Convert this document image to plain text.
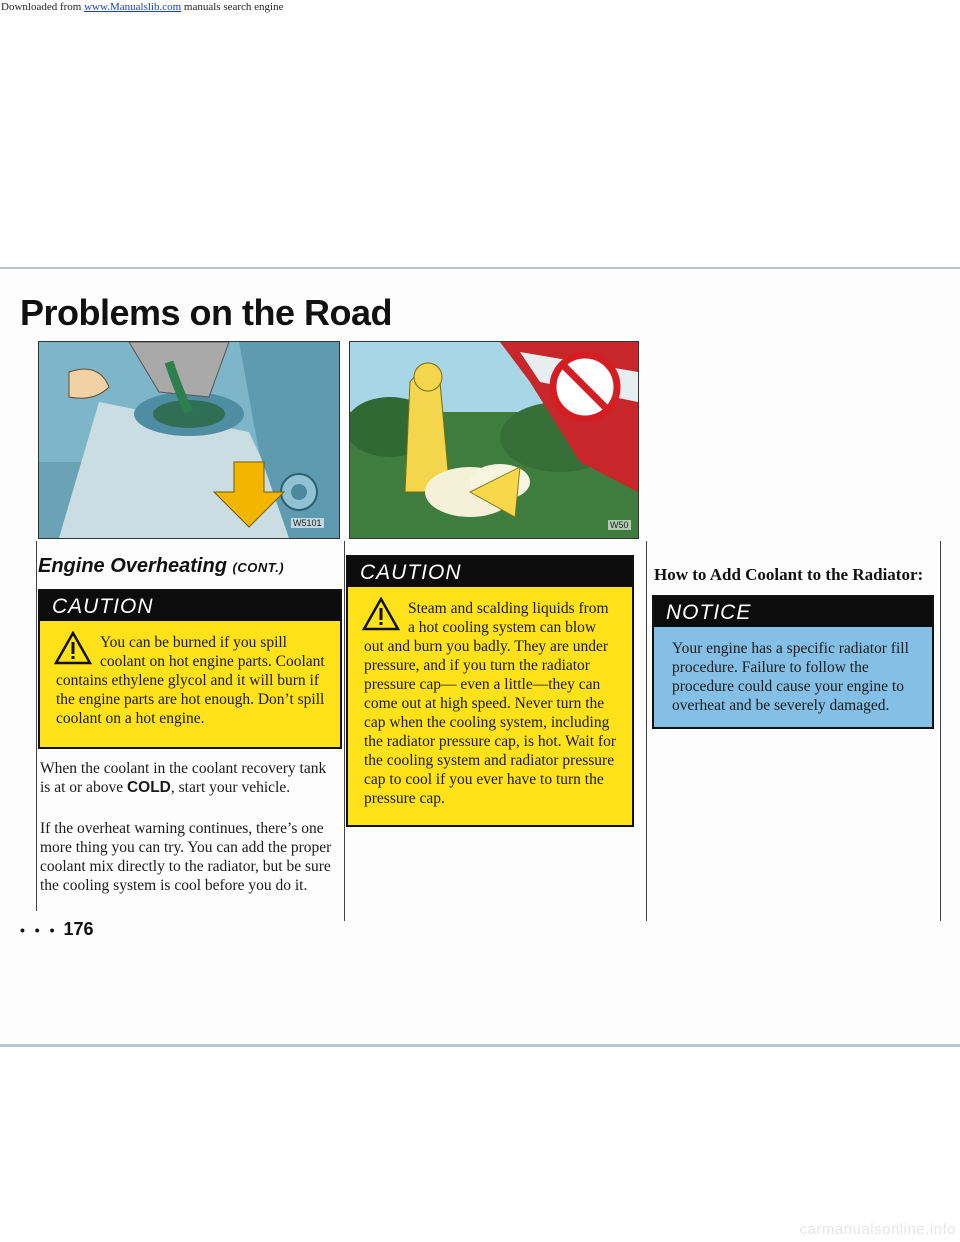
Downloaded from www.Manualslib.com manuals search engine
Problems on the Road
W5101	W50
Engine Overheating (CONT.)
CAUTION

You can be burned if you spill coolant on hot engine parts. Coolant contains ethylene glycol and it will burn if the engine parts are hot enough. Don’t spill coolant on a hot engine.

When the coolant in the coolant recovery tank is at or above COLD, start your vehicle.

If the overheat warning continues, there’s one more thing you can try. You can add the proper coolant mix directly to the radiator, but be sure the cooling system is cool before you do it.

CAUTION

Steam and scalding liquids from a hot cooling system can blow out and burn you badly. They are under pressure, and if you turn the radiator pressure cap— even a little—they can come out at high speed. Never turn the cap when the cooling system, including the radiator pressure cap, is hot. Wait for the cooling system and radiator pressure cap to cool if you ever have to turn the pressure cap.

How to Add Coolant to the Radiator:
NOTICE

Your engine has a specific radiator fill procedure. Failure to follow the procedure could cause your engine to overheat and be severely damaged.

• • • 176
carmanualsonline.info
